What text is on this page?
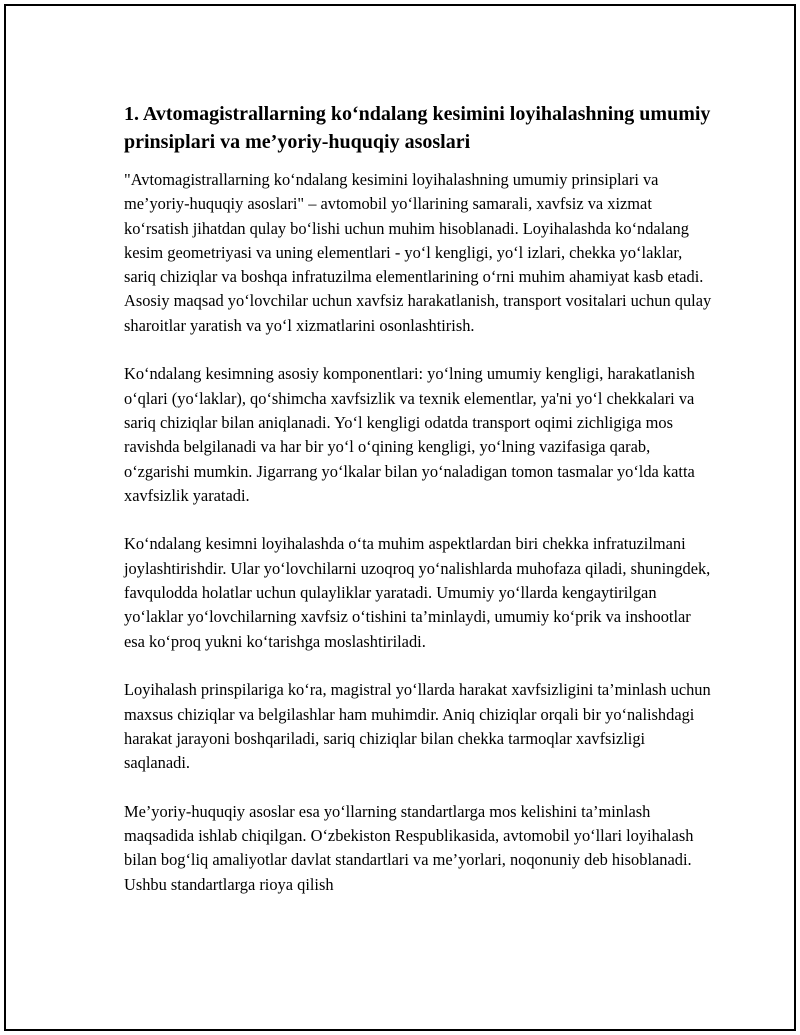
1. Avtomagistrallarning ko‘ndalang kesimini loyihalashning umumiy prinsiplari va me’yoriy-huquqiy asoslari

"Avtomagistrallarning ko‘ndalang kesimini loyihalashning umumiy prinsiplari va me’yoriy-huquqiy asoslari" – avtomobil yo‘llarining samarali, xavfsiz va xizmat ko‘rsatish jihatdan qulay bo‘lishi uchun muhim hisoblanadi. Loyihalashda ko‘ndalang kesim geometriyasi va uning elementlari - yo‘l kengligi, yo‘l izlari, chekka yo‘laklar, sariq chiziqlar va boshqa infratuzilma elementlarining o‘rni muhim ahamiyat kasb etadi. Asosiy maqsad yo‘lovchilar uchun xavfsiz harakatlanish, transport vositalari uchun qulay sharoitlar yaratish va yo‘l xizmatlarini osonlashtirish.

Ko‘ndalang kesimning asosiy komponentlari: yo‘lning umumiy kengligi, harakatlanish o‘qlari (yo‘laklar), qo‘shimcha xavfsizlik va texnik elementlar, ya'ni yo‘l chekkalari va sariq chiziqlar bilan aniqlanadi. Yo‘l kengligi odatda transport oqimi zichligiga mos ravishda belgilanadi va har bir yo‘l o‘qining kengligi, yo‘lning vazifasiga qarab, o‘zgarishi mumkin. Jigarrang yo‘lkalar bilan yo‘naladigan tomon tasmalar yo‘lda katta xavfsizlik yaratadi.

Ko‘ndalang kesimni loyihalashda o‘ta muhim aspektlardan biri chekka infratuzilmani joylashtirishdir. Ular yo‘lovchilarni uzoqroq yo‘nalishlarda muhofaza qiladi, shuningdek, favqulodda holatlar uchun qulayliklar yaratadi. Umumiy yo‘llarda kengaytirilgan yo‘laklar yo‘lovchilarning xavfsiz o‘tishini ta’minlaydi, umumiy ko‘prik va inshootlar esa ko‘proq yukni ko‘tarishga moslashtiriladi.

Loyihalash prinspilariga ko‘ra, magistral yo‘llarda harakat xavfsizligini ta’minlash uchun maxsus chiziqlar va belgilashlar ham muhimdir. Aniq chiziqlar orqali bir yo‘nalishdagi harakat jarayoni boshqariladi, sariq chiziqlar bilan chekka tarmoqlar xavfsizligi saqlanadi.

Me’yoriy-huquqiy asoslar esa yo‘llarning standartlarga mos kelishini ta’minlash maqsadida ishlab chiqilgan. O‘zbekiston Respublikasida, avtomobil yo‘llari loyihalash bilan bog‘liq amaliyotlar davlat standartlari va me’yorlari, noqonuniy deb hisoblanadi. Ushbu standartlarga rioya qilish
